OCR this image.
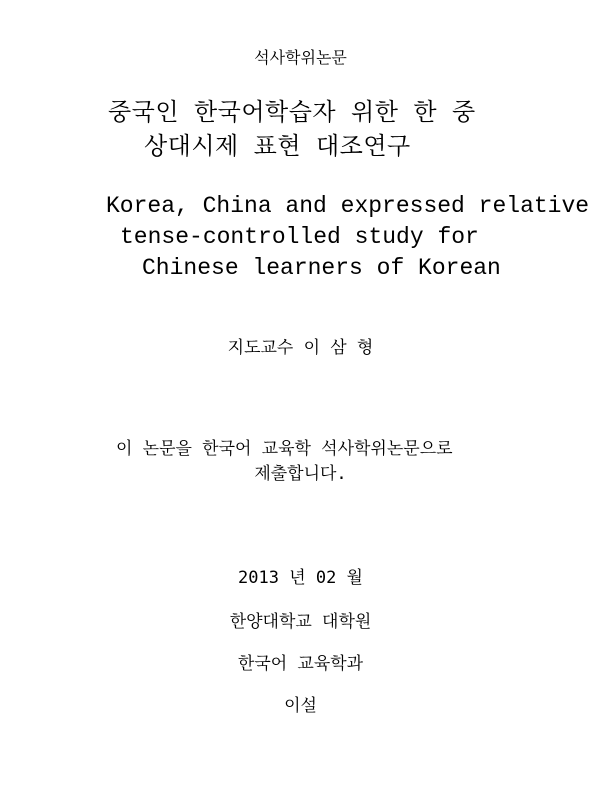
석사학위논문
중국인 한국어학습자 위한 한 중
상대시제 표현 대조연구
Korea, China and expressed relative
tense-controlled study for
Chinese learners of Korean
지도교수 이 삼 형
이 논문을 한국어 교육학 석사학위논문으로
제출합니다.
2013 년 02 월
한양대학교 대학원
한국어 교육학과
이설
